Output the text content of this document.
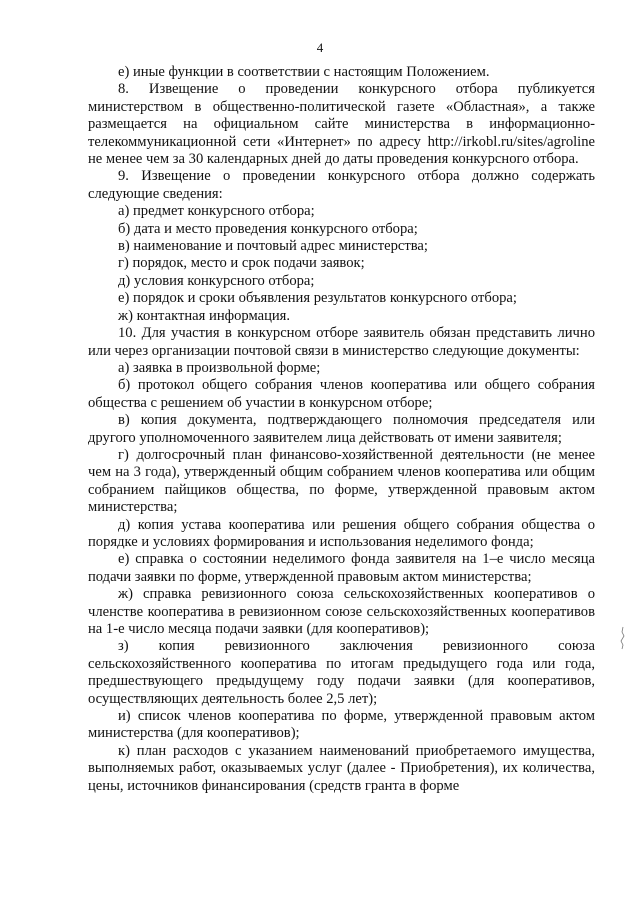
4

е) иные функции в соответствии с настоящим Положением.

8. Извещение о проведении конкурсного отбора публикуется министерством в общественно-политической газете «Областная», а также размещается на официальном сайте министерства в информационно-телекоммуникационной сети «Интернет» по адресу http://irkobl.ru/sites/agroline не менее чем за 30 календарных дней до даты проведения конкурсного отбора.

9. Извещение о проведении конкурсного отбора должно содержать следующие сведения:

а) предмет конкурсного отбора;

б) дата и место проведения конкурсного отбора;

в) наименование и почтовый адрес министерства;

г) порядок, место и срок подачи заявок;

д) условия конкурсного отбора;

е) порядок и сроки объявления результатов конкурсного отбора;

ж) контактная информация.

10. Для участия в конкурсном отборе заявитель обязан представить лично или через организации почтовой связи в министерство следующие документы:

а) заявка в произвольной форме;

б) протокол общего собрания членов кооператива или общего собрания общества с решением об участии в конкурсном отборе;

в) копия документа, подтверждающего полномочия председателя или другого уполномоченного заявителем лица действовать от имени заявителя;

г) долгосрочный план финансово-хозяйственной деятельности (не менее чем на 3 года), утвержденный общим собранием членов кооператива или общим собранием пайщиков общества, по форме, утвержденной правовым актом министерства;

д) копия устава кооператива или решения общего собрания общества о порядке и условиях формирования и использования неделимого фонда;

е) справка о состоянии неделимого фонда заявителя на 1–е число месяца подачи заявки по форме, утвержденной правовым актом министерства;

ж) справка ревизионного союза сельскохозяйственных кооперативов о членстве кооператива в ревизионном союзе сельскохозяйственных кооперативов на 1-е число месяца подачи заявки (для кооперативов);

з) копия ревизионного заключения ревизионного союза сельскохозяйственного кооператива по итогам предыдущего года или года, предшествующего предыдущему году подачи заявки (для кооперативов, осуществляющих деятельность более 2,5 лет);

и) список членов кооператива по форме, утвержденной правовым актом министерства (для кооперативов);

к) план расходов с указанием наименований приобретаемого имущества, выполняемых работ, оказываемых услуг (далее - Приобретения), их количества, цены, источников финансирования (средств гранта в форме
